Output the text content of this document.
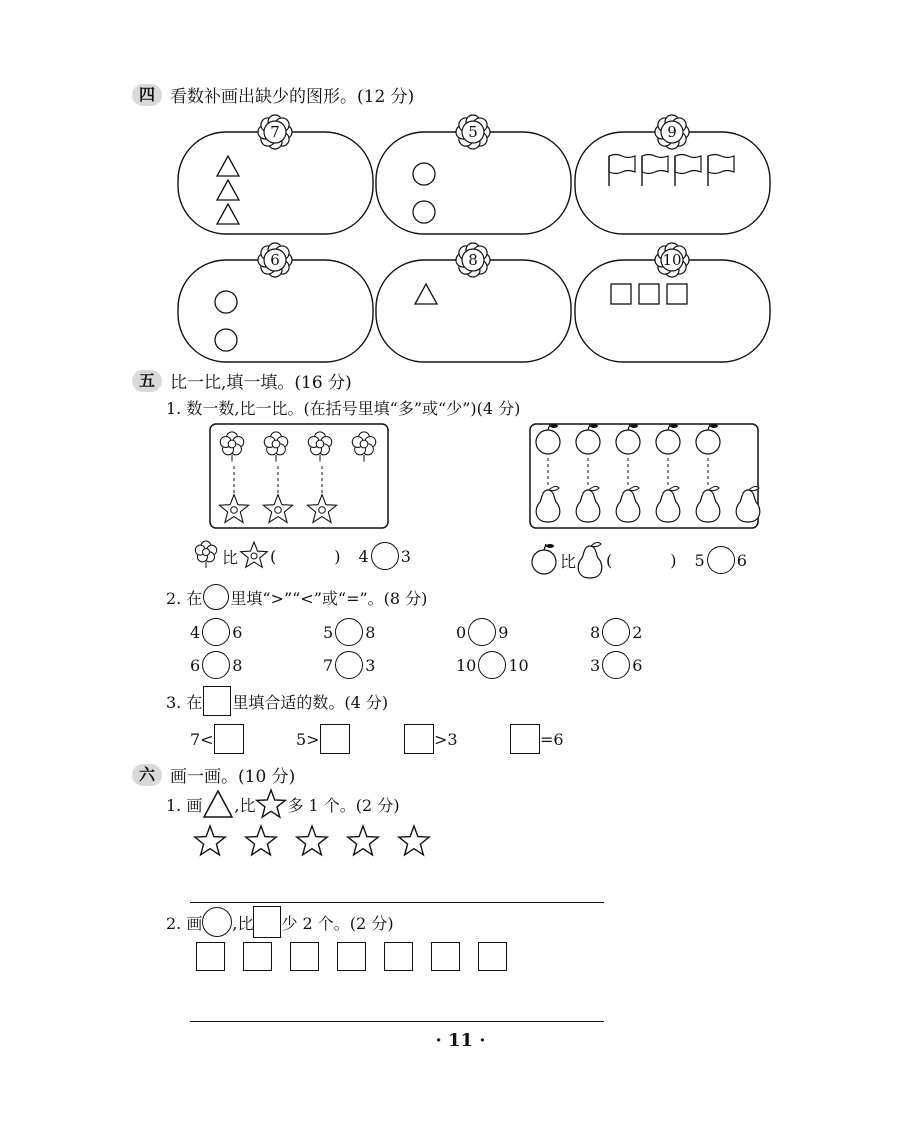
四 看数补画出缺少的图形。(12 分)
7	5	9
6	8	10
五 比一比,填一填。(16 分)
1. 数一数,比一比。(在括号里填“多”或“少”)(4 分)
比 (	) 4 3	比 (	) 5 6
2. 在 里填“>”“<”或“=”。(8 分)
4 6	5 8	0 9	8 2
6 8	7 3	10 10	3 6
3. 在 里填合适的数。(4 分)
7<	5>	>3	=6
六 画一画。(10 分)
1. 画 ,比 多 1 个。(2 分)
2. 画 ,比 少 2 个。(2 分)
· 11 ·
